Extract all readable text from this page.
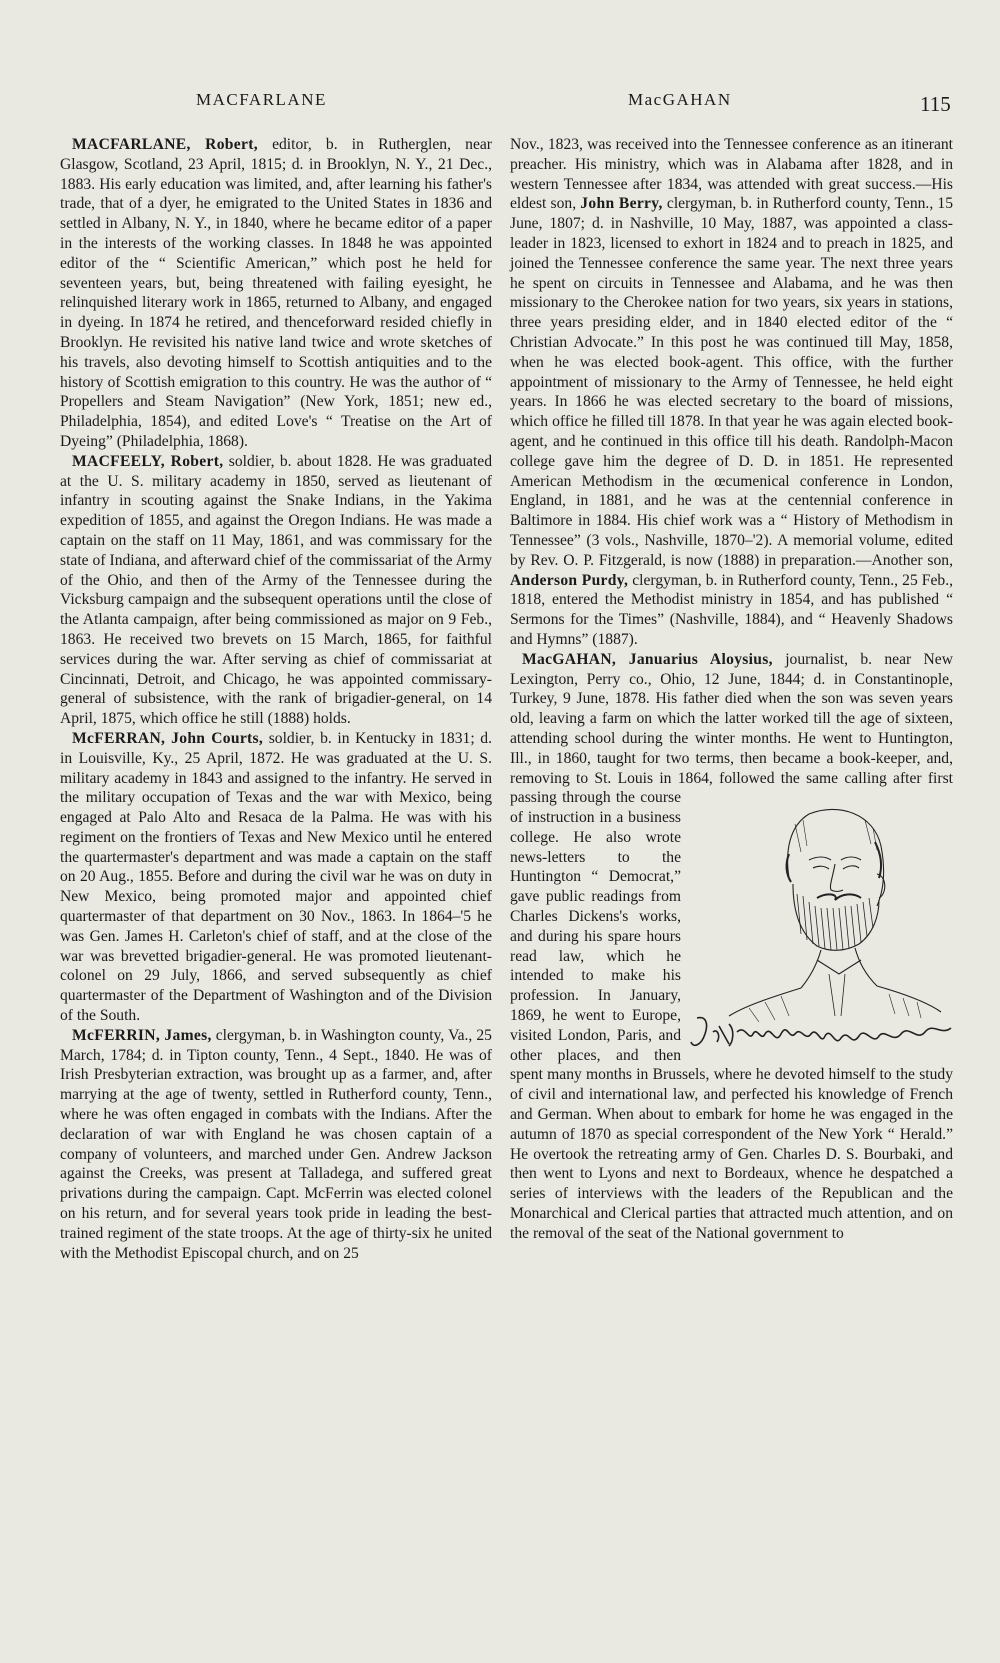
MACFARLANE	MacGAHAN	115

MACFARLANE, Robert, editor, b. in Rutherglen, near Glasgow, Scotland, 23 April, 1815; d. in Brooklyn, N. Y., 21 Dec., 1883. His early education was limited, and, after learning his father's trade, that of a dyer, he emigrated to the United States in 1836 and settled in Albany, N. Y., in 1840, where he became editor of a paper in the interests of the working classes. In 1848 he was appointed editor of the “ Scientific American,” which post he held for seventeen years, but, being threatened with failing eyesight, he relinquished literary work in 1865, returned to Albany, and engaged in dyeing. In 1874 he retired, and thenceforward resided chiefly in Brooklyn. He revisited his native land twice and wrote sketches of his travels, also devoting himself to Scottish antiquities and to the history of Scottish emigration to this country. He was the author of “ Propellers and Steam Navigation” (New York, 1851; new ed., Philadelphia, 1854), and edited Love's “ Treatise on the Art of Dyeing” (Philadelphia, 1868).

MACFEELY, Robert, soldier, b. about 1828. He was graduated at the U. S. military academy in 1850, served as lieutenant of infantry in scouting against the Snake Indians, in the Yakima expedition of 1855, and against the Oregon Indians. He was made a captain on the staff on 11 May, 1861, and was commissary for the state of Indiana, and afterward chief of the commissariat of the Army of the Ohio, and then of the Army of the Tennessee during the Vicksburg campaign and the subsequent operations until the close of the Atlanta campaign, after being commissioned as major on 9 Feb., 1863. He received two brevets on 15 March, 1865, for faithful services during the war. After serving as chief of commissariat at Cincinnati, Detroit, and Chicago, he was appointed commissary-general of subsistence, with the rank of brigadier-general, on 14 April, 1875, which office he still (1888) holds.

McFERRAN, John Courts, soldier, b. in Kentucky in 1831; d. in Louisville, Ky., 25 April, 1872. He was graduated at the U. S. military academy in 1843 and assigned to the infantry. He served in the military occupation of Texas and the war with Mexico, being engaged at Palo Alto and Resaca de la Palma. He was with his regiment on the frontiers of Texas and New Mexico until he entered the quartermaster's department and was made a captain on the staff on 20 Aug., 1855. Before and during the civil war he was on duty in New Mexico, being promoted major and appointed chief quartermaster of that department on 30 Nov., 1863. In 1864–'5 he was Gen. James H. Carleton's chief of staff, and at the close of the war was brevetted brigadier-general. He was promoted lieutenant-colonel on 29 July, 1866, and served subsequently as chief quartermaster of the Department of Washington and of the Division of the South.

McFERRIN, James, clergyman, b. in Washington county, Va., 25 March, 1784; d. in Tipton county, Tenn., 4 Sept., 1840. He was of Irish Presbyterian extraction, was brought up as a farmer, and, after marrying at the age of twenty, settled in Rutherford county, Tenn., where he was often engaged in combats with the Indians. After the declaration of war with England he was chosen captain of a company of volunteers, and marched under Gen. Andrew Jackson against the Creeks, was present at Talladega, and suffered great privations during the campaign. Capt. McFerrin was elected colonel on his return, and for several years took pride in leading the best-trained regiment of the state troops. At the age of thirty-six he united with the Methodist Episcopal church, and on 25

Nov., 1823, was received into the Tennessee conference as an itinerant preacher. His ministry, which was in Alabama after 1828, and in western Tennessee after 1834, was attended with great success.—His eldest son, John Berry, clergyman, b. in Rutherford county, Tenn., 15 June, 1807; d. in Nashville, 10 May, 1887, was appointed a class-leader in 1823, licensed to exhort in 1824 and to preach in 1825, and joined the Tennessee conference the same year. The next three years he spent on circuits in Tennessee and Alabama, and he was then missionary to the Cherokee nation for two years, six years in stations, three years presiding elder, and in 1840 elected editor of the “ Christian Advocate.” In this post he was continued till May, 1858, when he was elected book-agent. This office, with the further appointment of missionary to the Army of Tennessee, he held eight years. In 1866 he was elected secretary to the board of missions, which office he filled till 1878. In that year he was again elected book-agent, and he continued in this office till his death. Randolph-Macon college gave him the degree of D. D. in 1851. He represented American Methodism in the œcumenical conference in London, England, in 1881, and he was at the centennial conference in Baltimore in 1884. His chief work was a “ History of Methodism in Tennessee” (3 vols., Nashville, 1870–'2). A memorial volume, edited by Rev. O. P. Fitzgerald, is now (1888) in preparation.—Another son, Anderson Purdy, clergyman, b. in Rutherford county, Tenn., 25 Feb., 1818, entered the Methodist ministry in 1854, and has published “ Sermons for the Times” (Nashville, 1884), and “ Heavenly Shadows and Hymns” (1887).

MacGAHAN, Januarius Aloysius, journalist, b. near New Lexington, Perry co., Ohio, 12 June, 1844; d. in Constantinople, Turkey, 9 June, 1878. His father died when the son was seven years old, leaving a farm on which the latter worked till the age of sixteen, attending school during the winter months. He went to Huntington, Ill., in 1860, taught for two terms, then became a book-keeper, and, removing to St. Louis in 1864, followed the same calling after first passing through the course
J. A. MacGahan
of instruction in a business college. He also wrote news-letters to the Huntington “ Democrat,” gave public readings from Charles Dickens's works, and during his spare hours read law, which he intended to make his profession. In January, 1869, he went to Europe, visited London, Paris, and other places, and then spent many months in Brussels, where he devoted himself to the study of civil and international law, and perfected his knowledge of French and German. When about to embark for home he was engaged in the autumn of 1870 as special correspondent of the New York “ Herald.” He overtook the retreating army of Gen. Charles D. S. Bourbaki, and then went to Lyons and next to Bordeaux, whence he despatched a series of interviews with the leaders of the Republican and the Monarchical and Clerical parties that attracted much attention, and on the removal of the seat of the National government to
